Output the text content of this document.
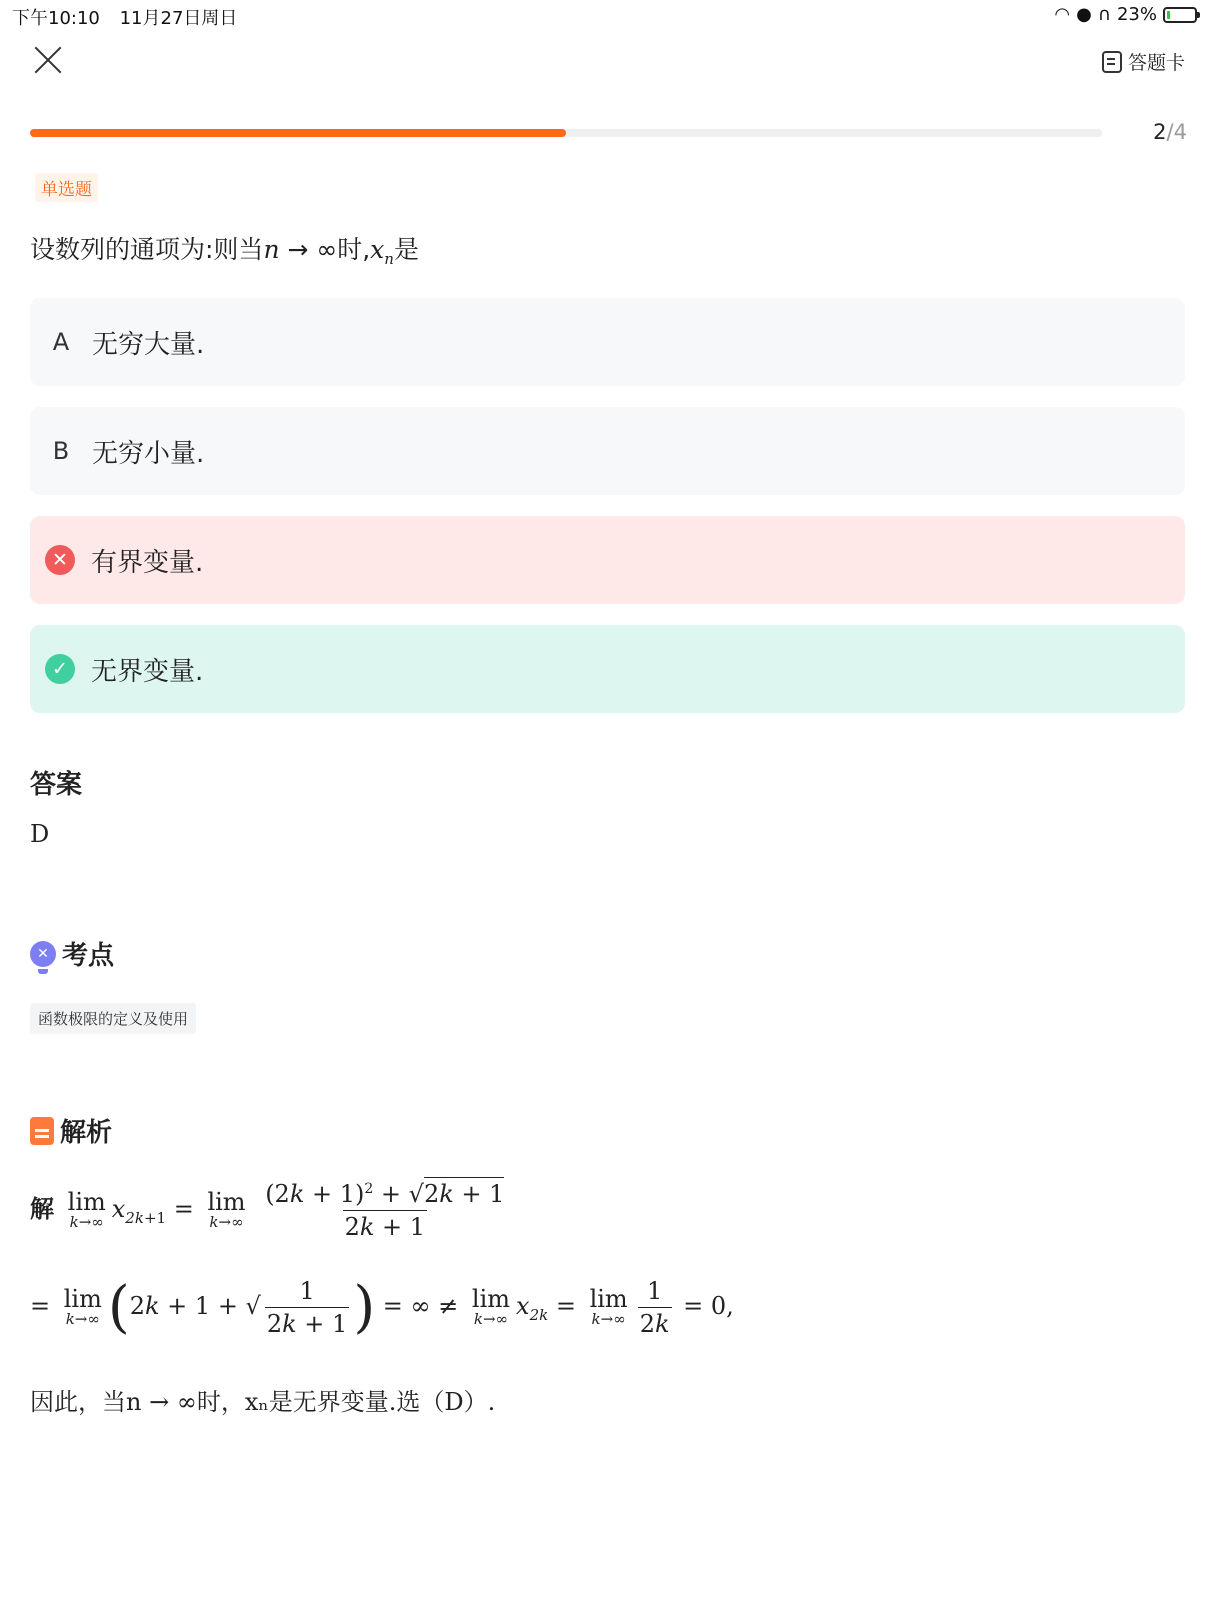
下午10:10 11月27日周日	◠ ● ∩ 23%
答题卡
2/4
单选题
设数列的通项为:则当n → ∞时$,x_n$是
A 无穷大量.
B 无穷小量.
✕ 有界变量.
✓ 无界变量.
答案
D
✕ 考点
函数极限的定义及使用
解析
解 lim
k→∞ $x_{2k+1} = \lim$
k→∞
$\frac{(2k + 1)^2 + √2k + 1}{2k + 1}$
= lim
k→∞ (2k + 1 + √ $\frac{1}{2k + 1}$ ) = ∞ ≠ lim
k→∞ $x_{2k} = \lim$
$k\to\infty \frac{1}{2k} = 0$,
因此，当n → ∞时，xₙ是无界变量.选（D）.
